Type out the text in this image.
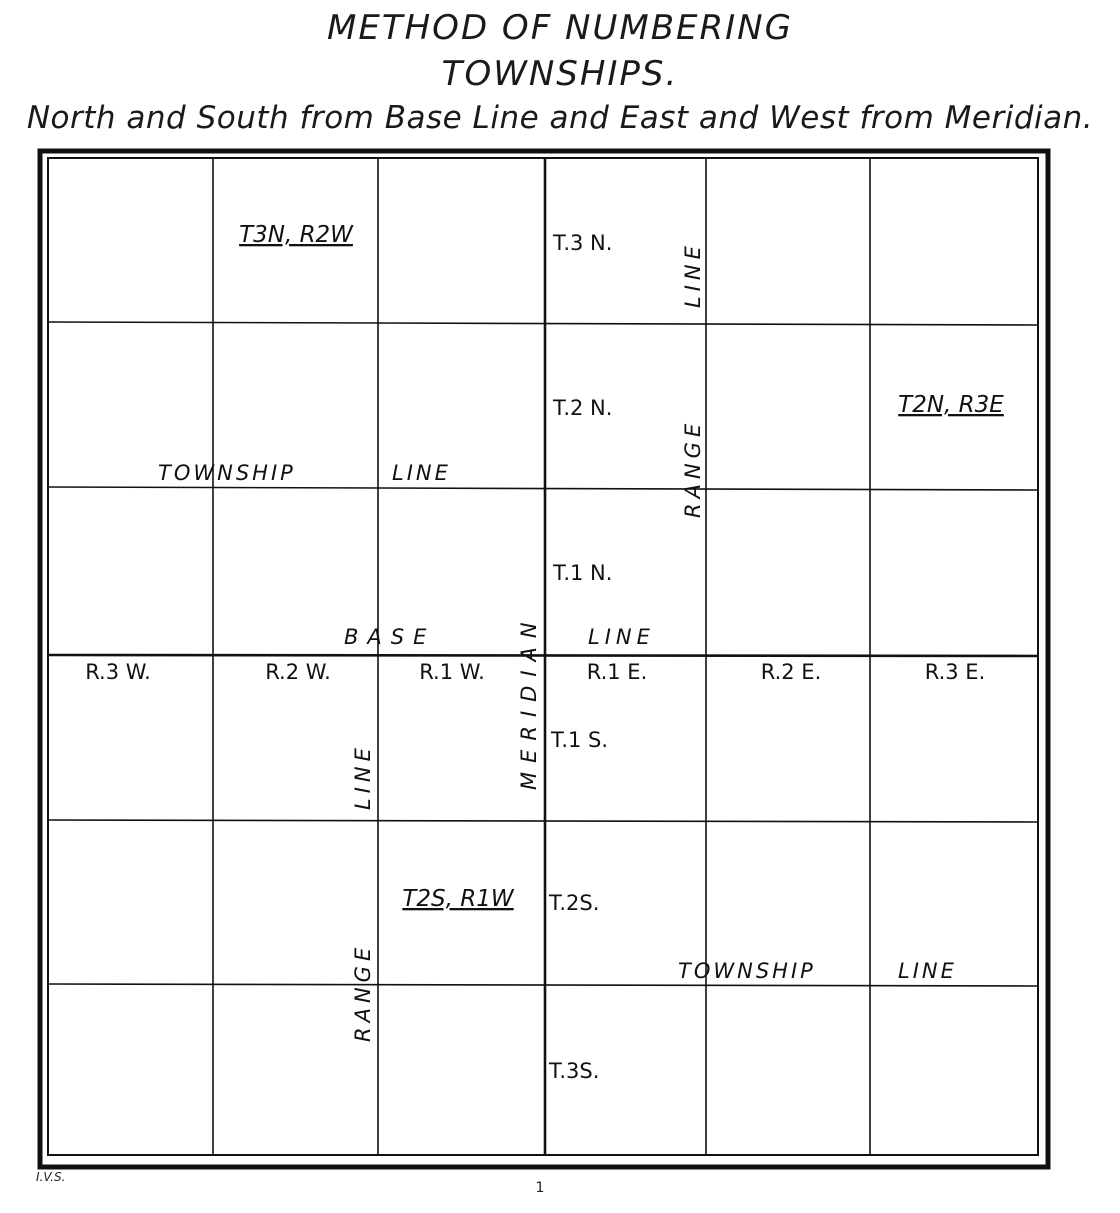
METHOD OF NUMBERING
TOWNSHIPS.
North and South from Base Line and East and West from Meridian.
R.3 W.	R.2 W.	R.1 W.	R.1 E.	R.2 E.	R.3 E.
T.3 N.
T.2 N.
T.1 N.
T.1 S.
T.2S.
T.3S.
T3N, R2W
T2N, R3E
T2S, R1W
TOWNSHIP	LINE
BASE	LINE
TOWNSHIP	LINE
MERIDIAN
RANGE
LINE
RANGE
LINE
I.V.S.
1
